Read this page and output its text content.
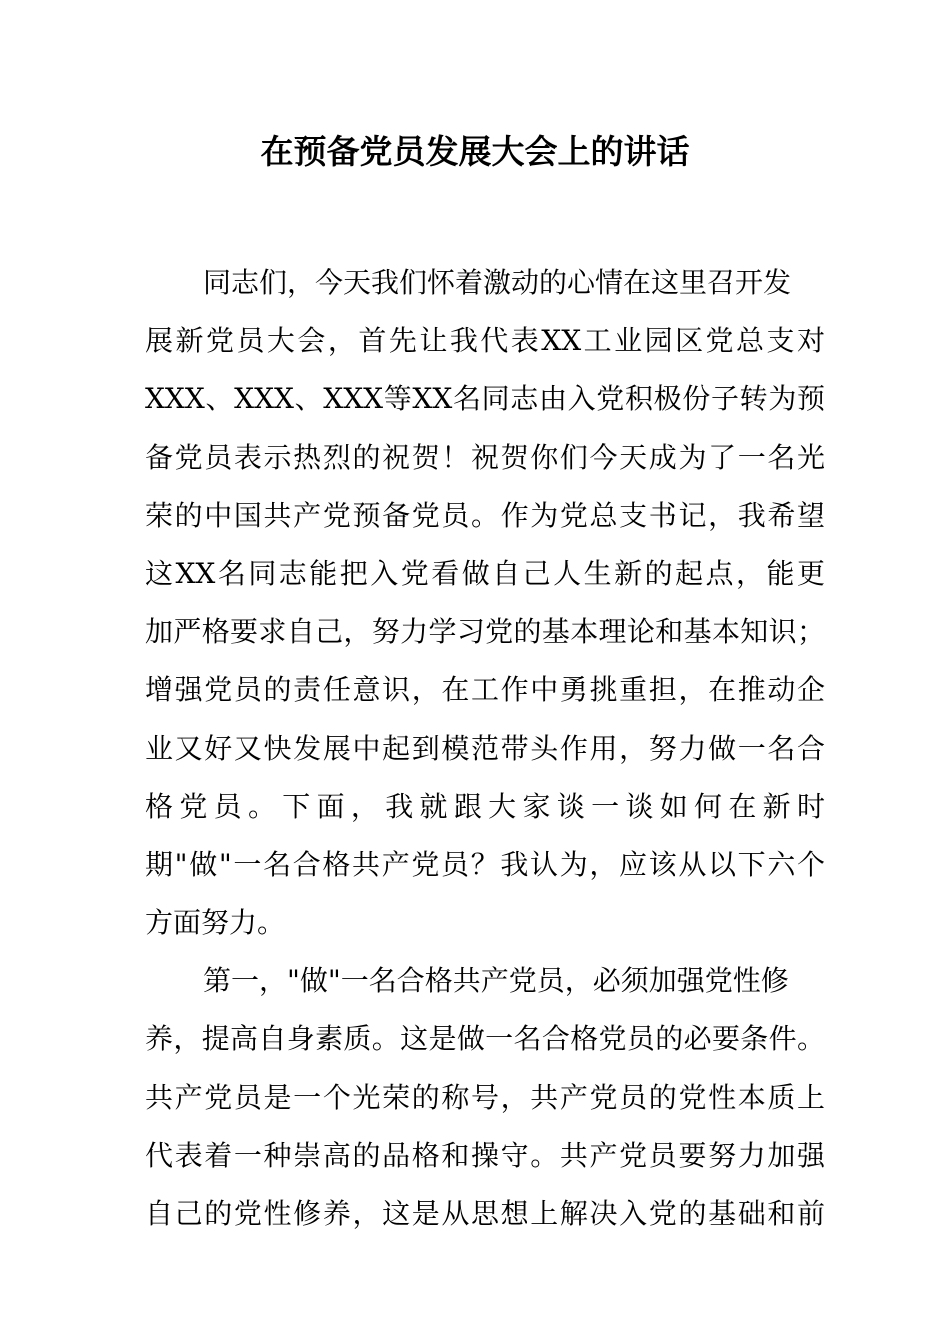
在预备党员发展大会上的讲话
同志们，今天我们怀着激动的心情在这里召开发
展新党员大会，首先让我代表XX工业园区党总支对
XXX、XXX、XXX等XX名同志由入党积极份子转为预
备党员表示热烈的祝贺！祝贺你们今天成为了一名光
荣的中国共产党预备党员。作为党总支书记，我希望
这XX名同志能把入党看做自己人生新的起点，能更
加严格要求自己，努力学习党的基本理论和基本知识；
增强党员的责任意识，在工作中勇挑重担，在推动企
业又好又快发展中起到模范带头作用，努力做一名合
格党员。下面，我就跟大家谈一谈如何在新时
期"做"一名合格共产党员？我认为，应该从以下六个
方面努力。
第一，"做"一名合格共产党员，必须加强党性修
养，提高自身素质。这是做一名合格党员的必要条件。
共产党员是一个光荣的称号，共产党员的党性本质上
代表着一种崇高的品格和操守。共产党员要努力加强
自己的党性修养，这是从思想上解决入党的基础和前
